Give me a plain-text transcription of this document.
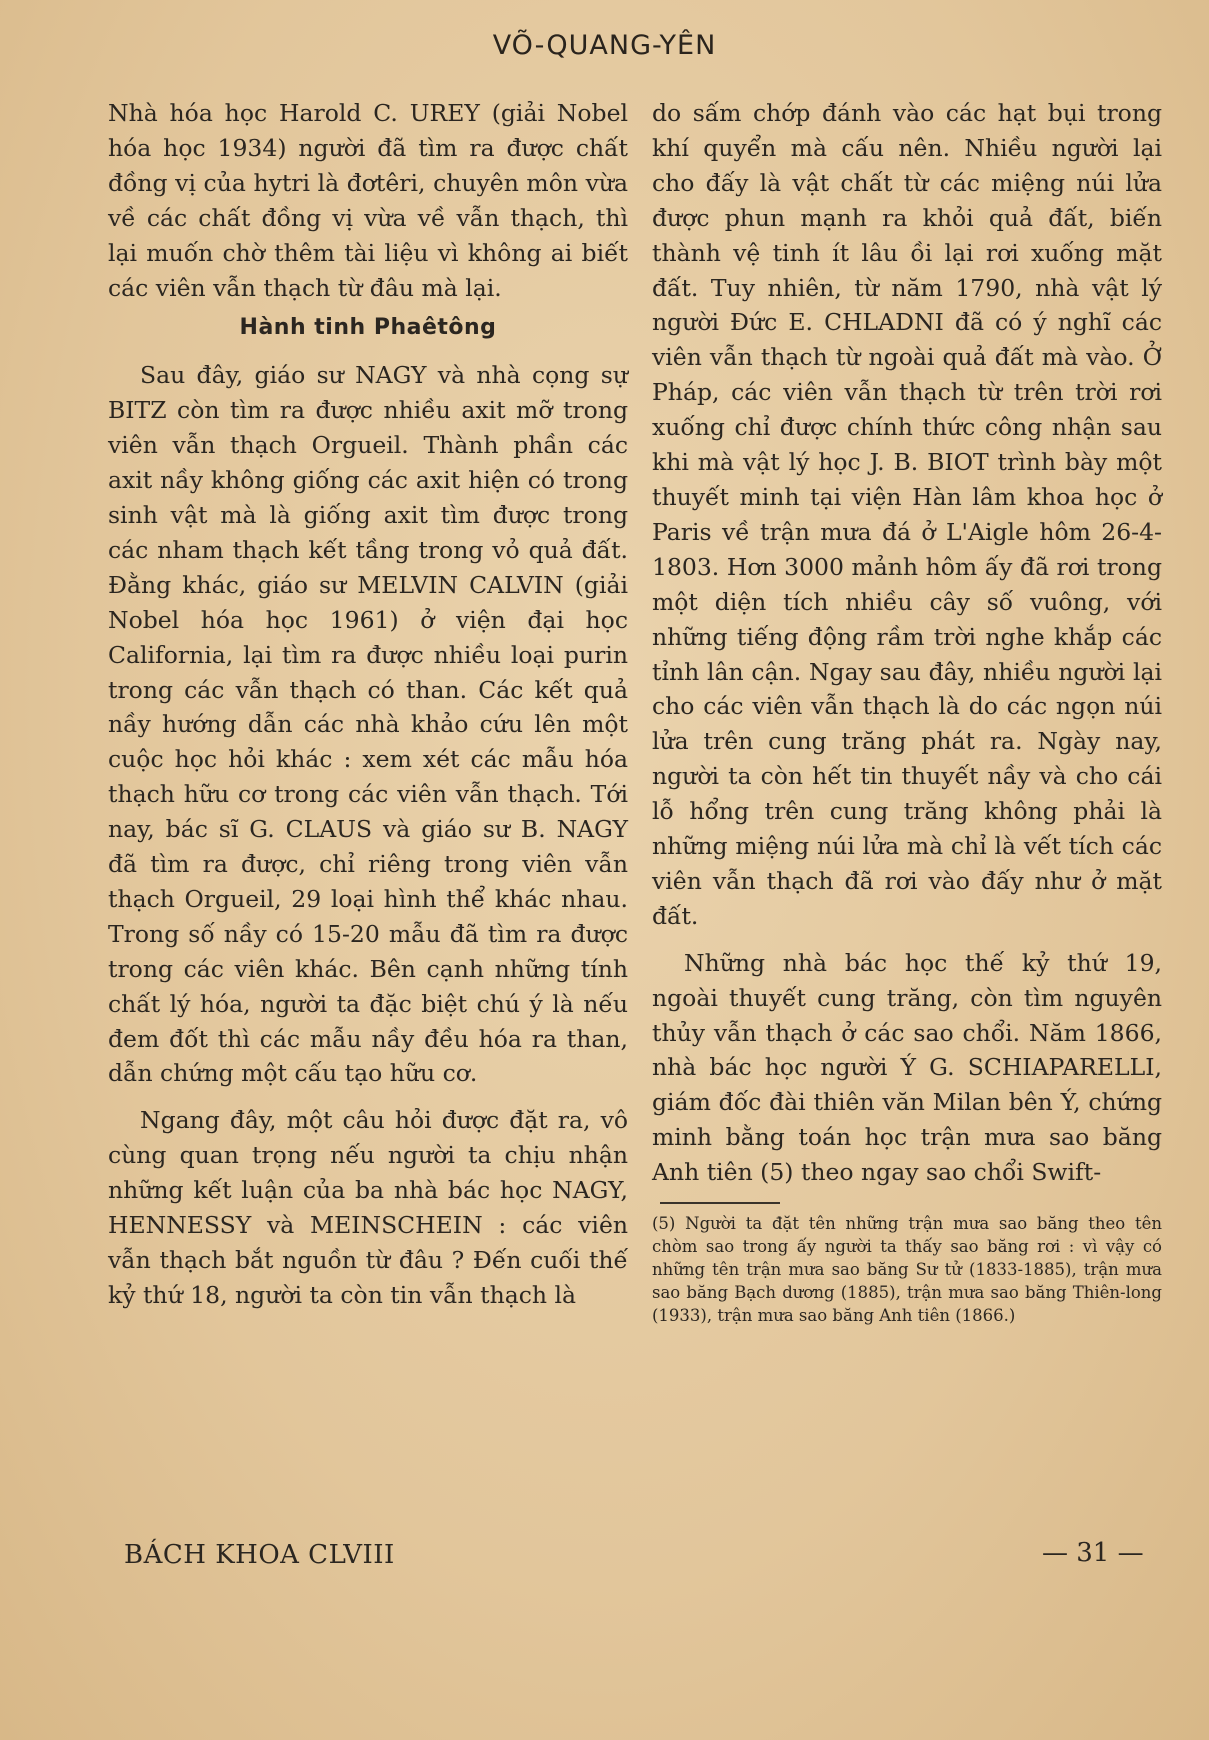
VÕ-QUANG-YÊN

Nhà hóa học Harold C. UREY (giải Nobel hóa học 1934) người đã tìm ra được chất đồng vị của hytri là đơtêri, chuyên môn vừa về các chất đồng vị vừa về vẫn thạch, thì lại muốn chờ thêm tài liệu vì không ai biết các viên vẫn thạch từ đâu mà lại.

Hành tinh Phaêtông

Sau đây, giáo sư NAGY và nhà cọng sự BITZ còn tìm ra được nhiều axit mỡ trong viên vẫn thạch Orgueil. Thành phần các axit nầy không giống các axit hiện có trong sinh vật mà là giống axit tìm được trong các nham thạch kết tầng trong vỏ quả đất. Đằng khác, giáo sư MELVIN CALVIN (giải Nobel hóa học 1961) ở viện đại học California, lại tìm ra được nhiều loại purin trong các vẫn thạch có than. Các kết quả nầy hướng dẫn các nhà khảo cứu lên một cuộc học hỏi khác : xem xét các mẫu hóa thạch hữu cơ trong các viên vẫn thạch. Tới nay, bác sĩ G. CLAUS và giáo sư B. NAGY đã tìm ra được, chỉ riêng trong viên vẫn thạch Orgueil, 29 loại hình thể khác nhau. Trong số nầy có 15-20 mẫu đã tìm ra được trong các viên khác. Bên cạnh những tính chất lý hóa, người ta đặc biệt chú ý là nếu đem đốt thì các mẫu nầy đều hóa ra than, dẫn chứng một cấu tạo hữu cơ.

Ngang đây, một câu hỏi được đặt ra, vô cùng quan trọng nếu người ta chịu nhận những kết luận của ba nhà bác học NAGY, HENNESSY và MEINSCHEIN : các viên vẫn thạch bắt nguồn từ đâu ? Đến cuối thế kỷ thứ 18, người ta còn tin vẫn thạch là

do sấm chớp đánh vào các hạt bụi trong khí quyển mà cấu nên. Nhiều người lại cho đấy là vật chất từ các miệng núi lửa được phun mạnh ra khỏi quả đất, biến thành vệ tinh ít lâu ồi lại rơi xuống mặt đất. Tuy nhiên, từ năm 1790, nhà vật lý người Đức E. CHLADNI đã có ý nghĩ các viên vẫn thạch từ ngoài quả đất mà vào. Ở Pháp, các viên vẫn thạch từ trên trời rơi xuống chỉ được chính thức công nhận sau khi mà vật lý học J. B. BIOT trình bày một thuyết minh tại viện Hàn lâm khoa học ở Paris về trận mưa đá ở L'Aigle hôm 26-4-1803. Hơn 3000 mảnh hôm ấy đã rơi trong một diện tích nhiều cây số vuông, với những tiếng động rầm trời nghe khắp các tỉnh lân cận. Ngay sau đây, nhiều người lại cho các viên vẫn thạch là do các ngọn núi lửa trên cung trăng phát ra. Ngày nay, người ta còn hết tin thuyết nầy và cho cái lỗ hổng trên cung trăng không phải là những miệng núi lửa mà chỉ là vết tích các viên vẫn thạch đã rơi vào đấy như ở mặt đất.

Những nhà bác học thế kỷ thứ 19, ngoài thuyết cung trăng, còn tìm nguyên thủy vẫn thạch ở các sao chổi. Năm 1866, nhà bác học người Ý G. SCHIAPARELLI, giám đốc đài thiên văn Milan bên Ý, chứng minh bằng toán học trận mưa sao băng Anh tiên (5) theo ngay sao chổi Swift-

(5) Người ta đặt tên những trận mưa sao băng theo tên chòm sao trong ấy người ta thấy sao băng rơi : vì vậy có những tên trận mưa sao băng Sư tử (1833-1885), trận mưa sao băng Bạch dương (1885), trận mưa sao băng Thiên-long (1933), trận mưa sao băng Anh tiên (1866.)

BÁCH KHOA CLVIII	— 31 —
